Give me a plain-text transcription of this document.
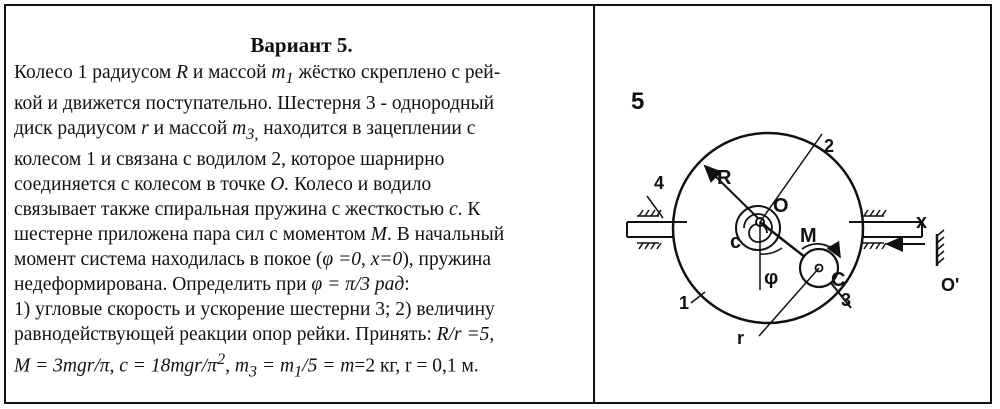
Вариант 5.
Колесо 1 радиусом R и массой $m_1$ жёстко скреплено с рей-
кой и движется поступательно. Шестерня 3 - однородный
диск радиусом r и массой $m_{3,}$ находится в зацеплении с
колесом 1 и связана с водилом 2, которое шарнирно
соединяется с колесом в точке O. Колесо и водило
связывает также спиральная пружина с жесткостью c. К
шестерне приложена пара сил с моментом M. В начальный
момент система находилась в покое (φ =0, x=0), пружина
недеформирована. Определить при φ = π/3 рад:
1) угловые скорость и ускорение шестерни 3; 2) величину
равнодействующей реакции опор рейки. Принять: R/r =5,
M = 3mgr/π, $c = 18mgr/\pi^2$, $m_3 = m_1/5 = m=2$ кг, r = 0,1 м.
5
4	R
O
2
c	M
φ	C
3
1
r
x
O'
